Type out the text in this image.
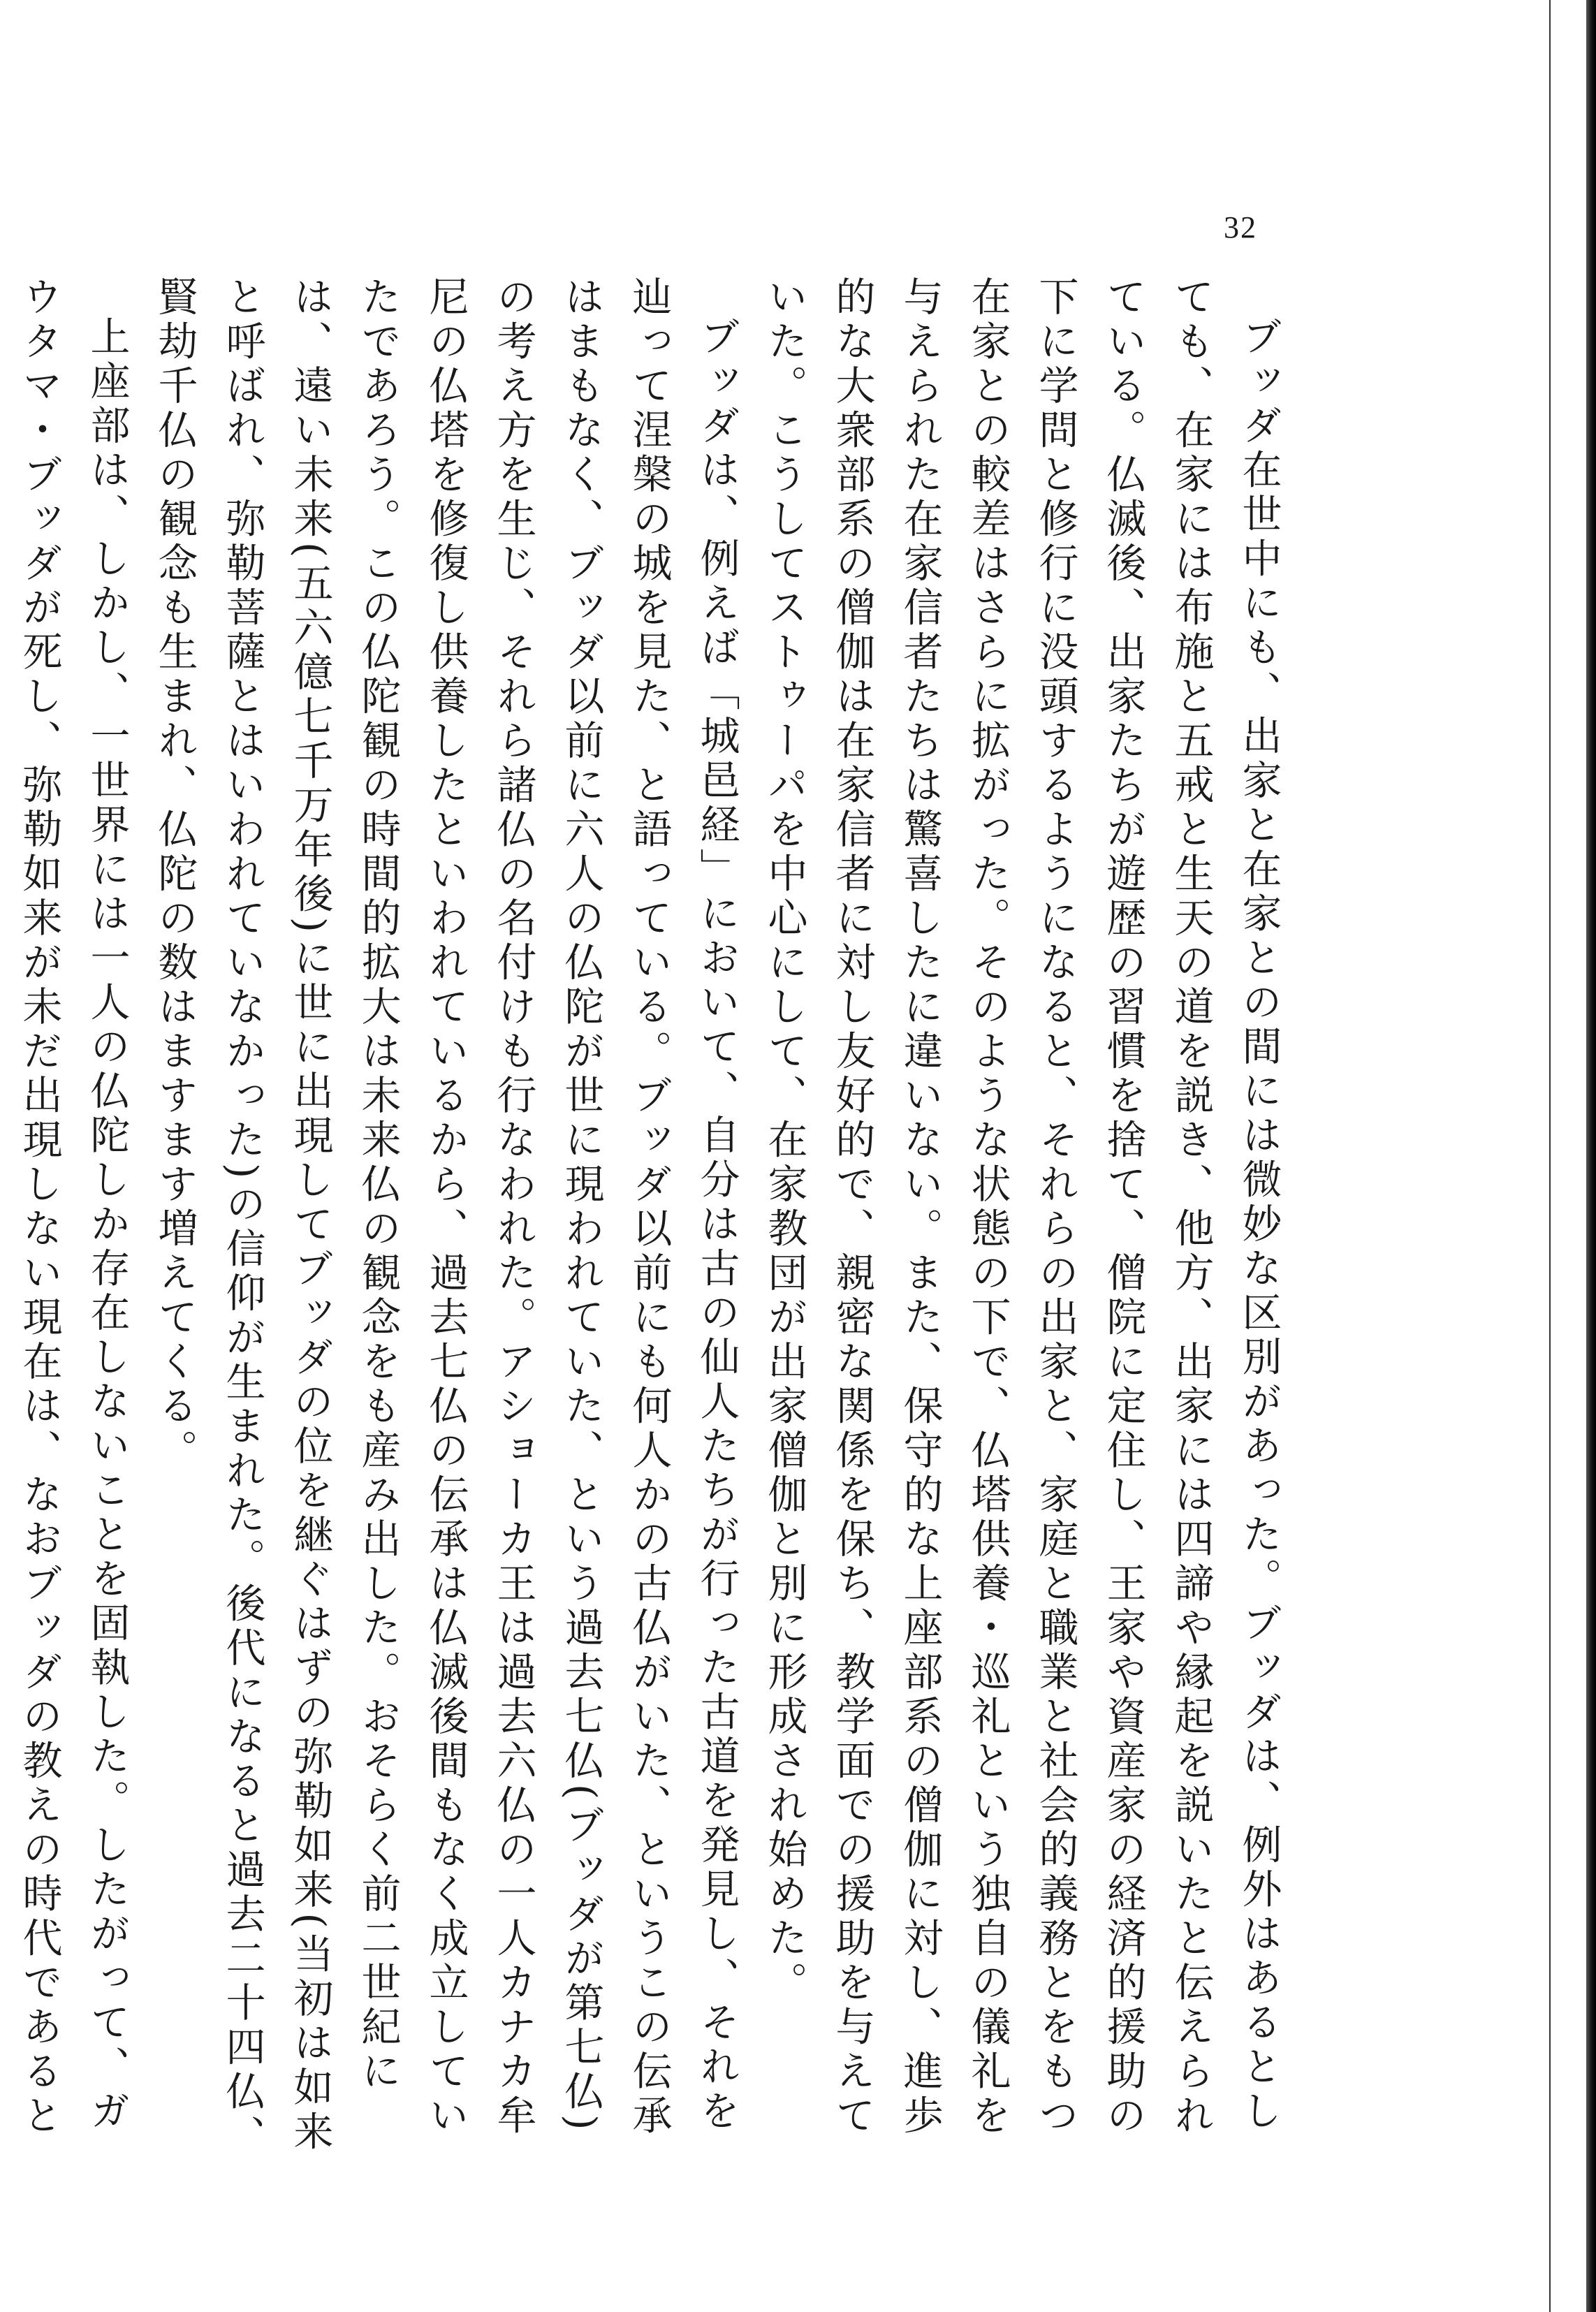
32

ブッダ在世中にも、出家と在家との間には微妙な区別があった。ブッダは、例外はあるとしても、在家には布施と五戒と生天の道を説き、他方、出家には四諦や縁起を説いたと伝えられている。仏滅後、出家たちが遊歴の習慣を捨て、僧院に定住し、王家や資産家の経済的援助の下に学問と修行に没頭するようになると、それらの出家と、家庭と職業と社会的義務とをもつ在家との較差はさらに拡がった。そのような状態の下で、仏塔供養・巡礼という独自の儀礼を与えられた在家信者たちは驚喜したに違いない。また、保守的な上座部系の僧伽に対し、進歩的な大衆部系の僧伽は在家信者に対し友好的で、親密な関係を保ち、教学面での援助を与えていた。こうしてストゥーパを中心にして、在家教団が出家僧伽と別に形成され始めた。

ブッダは、例えば「城邑経」において、自分は古の仙人たちが行った古道を発見し、それを辿って涅槃の城を見た、と語っている。ブッダ以前にも何人かの古仏がいた、というこの伝承はまもなく、ブッダ以前に六人の仏陀が世に現われていた、という過去七仏(ブッダが第七仏)の考え方を生じ、それら諸仏の名付けも行なわれた。アショーカ王は過去六仏の一人カナカ牟尼の仏塔を修復し供養したといわれているから、過去七仏の伝承は仏滅後間もなく成立していたであろう。この仏陀観の時間的拡大は未来仏の観念をも産み出した。おそらく前二世紀には、遠い未来(五六億七千万年後)に世に出現してブッダの位を継ぐはずの弥勒如来(当初は如来と呼ばれ、弥勒菩薩とはいわれていなかった)の信仰が生まれた。後代になると過去二十四仏、賢劫千仏の観念も生まれ、仏陀の数はますます増えてくる。

上座部は、しかし、一世界には一人の仏陀しか存在しないことを固執した。したがって、ガウタマ・ブッダが死し、弥勒如来が未だ出現しない現在は、なおブッダの教えの時代であると
